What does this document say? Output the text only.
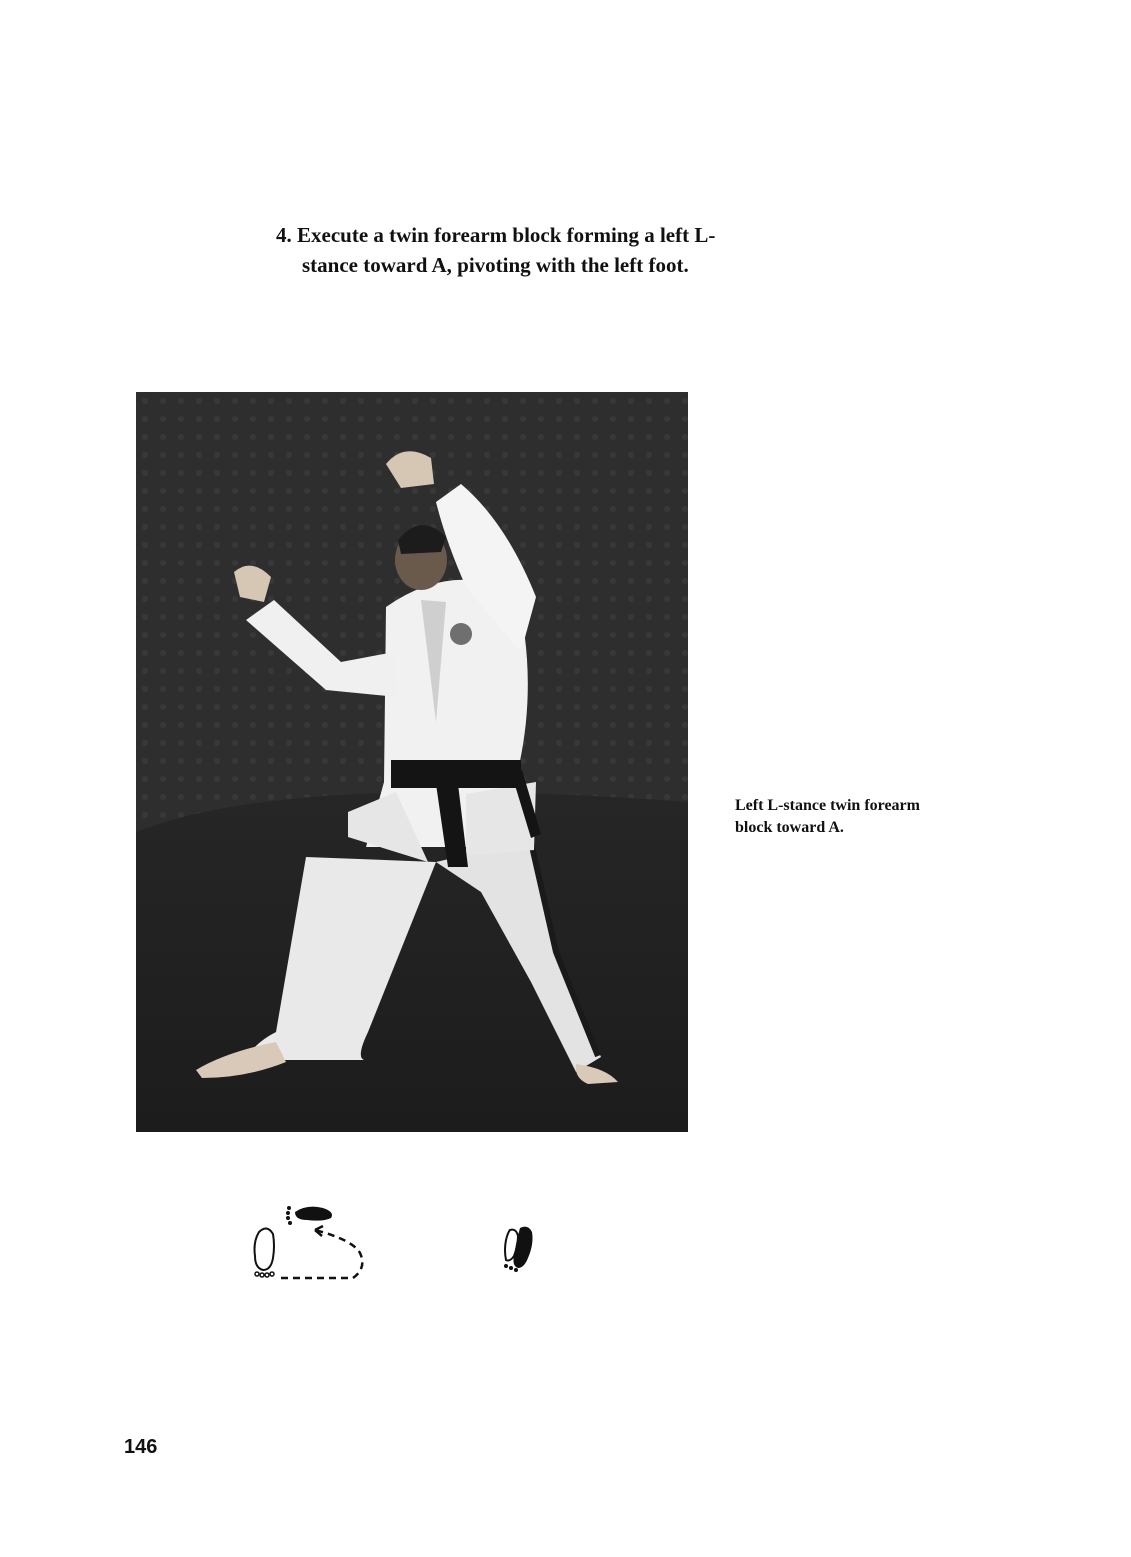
4. Execute a twin forearm block forming a left L-
stance toward A, pivoting with the left foot.
Left L-stance twin forearm
block toward A.
146
